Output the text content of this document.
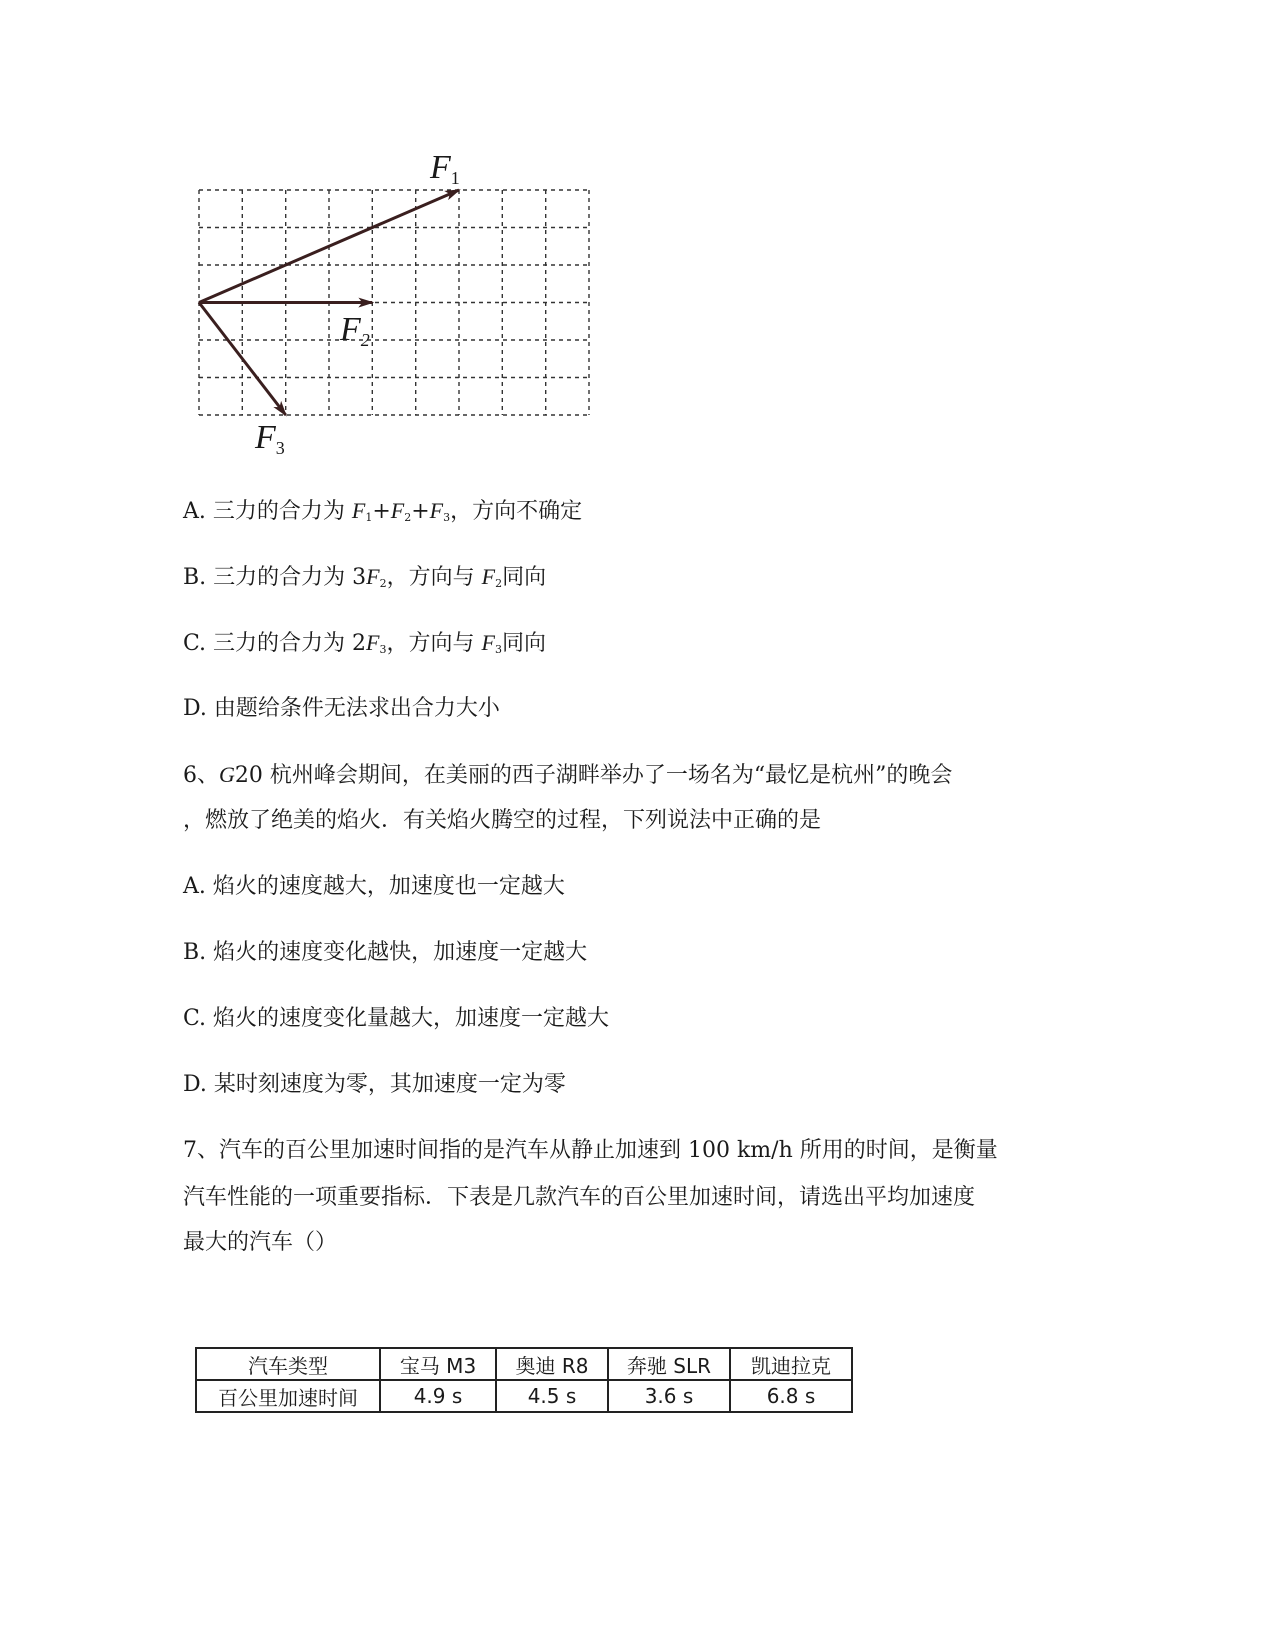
F1
F2
F3
A. 三力的合力为 $F_1+F_2+F_3$，方向不确定
B. 三力的合力为 $3F_2$，方向与 $F_2$同向
C. 三力的合力为 $2F_3$，方向与 $F_3$同向
D. 由题给条件无法求出合力大小
6、G20 杭州峰会期间，在美丽的西子湖畔举办了一场名为“最忆是杭州”的晚会
，燃放了绝美的焰火．有关焰火腾空的过程，下列说法中正确的是
A. 焰火的速度越大，加速度也一定越大
B. 焰火的速度变化越快，加速度一定越大
C. 焰火的速度变化量越大，加速度一定越大
D. 某时刻速度为零，其加速度一定为零
7、汽车的百公里加速时间指的是汽车从静止加速到 100 km/h 所用的时间，是衡量
汽车性能的一项重要指标．下表是几款汽车的百公里加速时间，请选出平均加速度
最大的汽车（）
汽车类型	宝马 M3	奥迪 R8	奔驰 SLR	凯迪拉克
百公里加速时间	4.9 s	4.5 s	3.6 s	6.8 s
